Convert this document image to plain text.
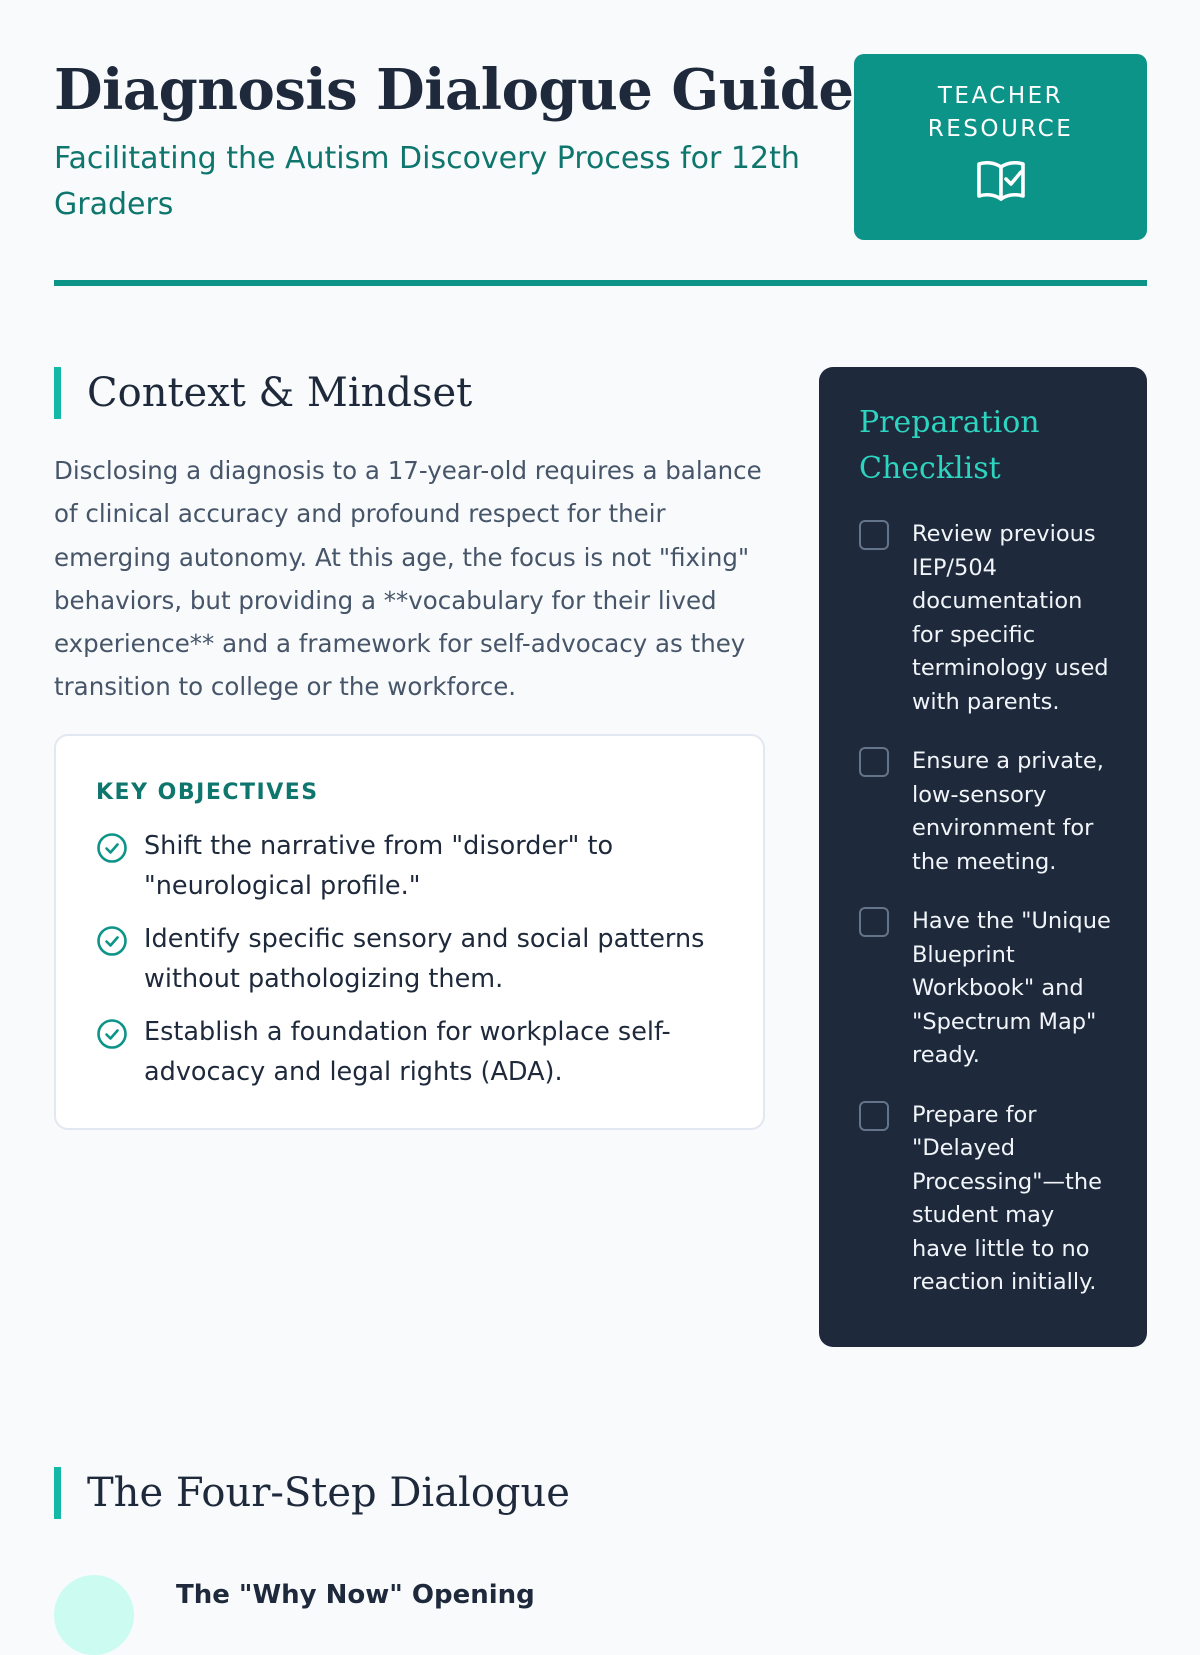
Diagnosis Dialogue Guide
Facilitating the Autism Discovery Process for 12th Graders
TEACHER RESOURCE
Context & Mindset

Disclosing a diagnosis to a 17-year-old requires a balance of clinical accuracy and profound respect for their emerging autonomy. At this age, the focus is not "fixing" behaviors, but providing a **vocabulary for their lived experience** and a framework for self-advocacy as they transition to college or the workforce.

KEY OBJECTIVES
Shift the narrative from "disorder" to "neurological profile."
Identify specific sensory and social patterns without pathologizing them.
Establish a foundation for workplace self-advocacy and legal rights (ADA).
Preparation Checklist
Review previous IEP/504 documentation for specific terminology used with parents.
Ensure a private, low-sensory environment for the meeting.
Have the "Unique Blueprint Workbook" and "Spectrum Map" ready.
Prepare for "Delayed Processing"—the student may have little to no reaction initially.
The Four-Step Dialogue
The "Why Now" Opening
